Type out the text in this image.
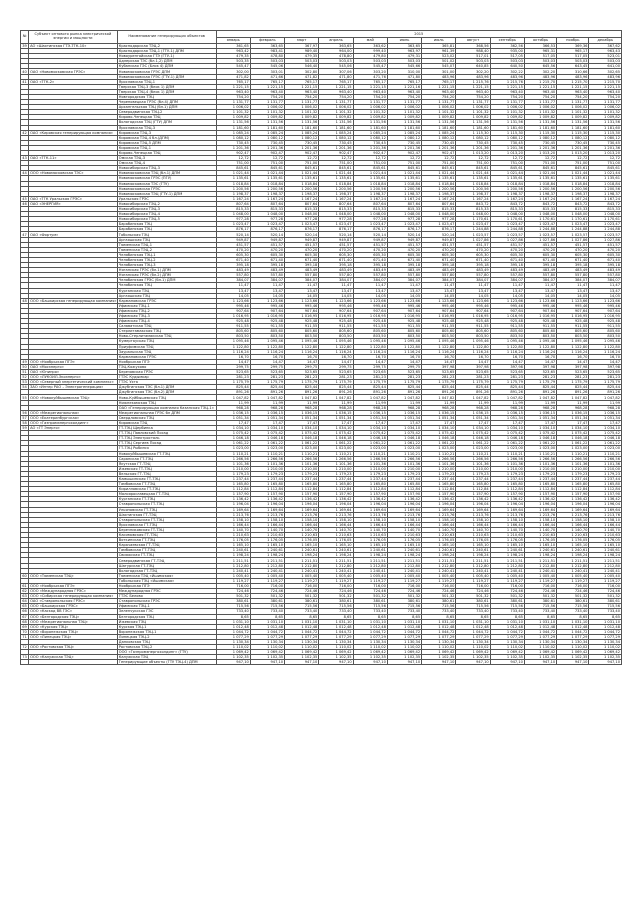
№	Субъект оптового рынка электрической энергии и мощности	Наименование генерирующих объектов	2015											
			январь	февраль	март	апрель	май	июнь	июль	август	сентябрь	октябрь	ноябрь	декабрь
39	АО «Шахтинская ГТЭ-ТГК-10»	Краснодарская ТЭЦ-2	361,65	363,65	367,97	363,65	363,62	363,65	365,81	368,56	362,56	366,53	369,36	367,62
		Краснодарская ТЭЦ-1 (ГТУ-1) ДПМ	963,42	983,41	989,40	964,00	999,40	963,97	961,39	988,40	935,00	965,31	965,17	963,43
		Новоуренгойская ГТЭ (ГТУ-1)	479,35	478,80	479,35	478,80	479,80	479,31	523,02	517,01	517,05	517,05	517,05	523,01
		Адлерская ТЭС (бл.1,2) ДПМ	503,35	503,03	503,03	503,03	503,03	503,03	501,02	503,03	503,03	503,03	503,03	503,03
		Кубанская ГЭС (Блок 4) ДПМ	545,47	545,06	546,40	545,06	545,47	545,66	545,07	640,85	640,50	645,56	643,45	641,00
40	ОАО «Новомосковская ГРЭС»	Новомосковская ГРЭС ДПМ	302,00	303,01	302,80	307,06	303,20	310,00	301,00	302,20	302,22	302,20	310,66	302,65
		Новомосковская ГРЭС (ГТУ-1) ДПМ	471,82	471,66	471,82	471,80	471,76	471,80	483,96	483,96	483,96	483,96	483,96	483,96
41	ОАО «ТГК-2»	Ярославская ТЭЦ-1	765,17	765,17	765,17	765,17	765,17	765,17	765,17	1 215,76	1 215,76	1 215,70	1 215,70	1 215,70
		Тверская ТЭЦ-3 (блок 1) ДПМ	1 221,15	1 221,15	1 221,15	1 221,15	1 221,15	1 221,16	1 221,15	1 221,15	1 221,15	1 221,15	1 221,15	1 221,15
		Тверская ТЭЦ-4 (блок 1) ДПМ	963,40	963,40	963,40	963,40	963,40	963,40	963,40	963,40	963,40	963,40	963,40	963,40
		Новгородская ТЭЦ	754,20	754,20	754,20	754,20	754,20	754,20	754,20	754,20	754,20	754,20	754,20	754,20
		Череповецкая ГРЭС (бл.4) ДПМ	1 131,77	1 131,77	1 131,77	1 131,77	1 131,77	1 131,77	1 131,77	1 131,77	1 131,77	1 131,77	1 131,77	1 131,77
		Архангельская ТЭЦ (бл.1) ДПМ	1 006,02	1 006,02	1 006,02	1 006,02	1 006,02	1 006,02	1 006,02	1 006,02	1 006,02	1 006,02	1 006,02	1 006,02
		Северодвинская ТЭЦ-2	1 101,32	1 101,32	1 101,32	1 101,32	1 101,32	1 101,32	1 101,32	1 101,32	1 101,32	1 101,32	1 101,32	1 101,32
		Кирово-Чепецкая ТЭЦ	1 009,82	1 009,82	1 009,82	1 009,82	1 009,82	1 009,82	1 009,82	1 009,82	1 009,82	1 009,82	1 009,82	1 009,82
		Вологодская ТЭЦ (ГТУ) ДПМ	1 131,56	1 131,56	1 131,56	1 131,56	1 131,56	1 131,56	1 131,56	1 131,56	1 131,56	1 131,56	1 131,56	1 131,56
		Ярославская ТЭЦ-3	1 181,60	1 181,60	1 181,60	1 181,60	1 181,60	1 181,60	1 181,60	1 181,60	1 181,60	1 181,60	1 181,60	1 181,60
42	ОАО «Кировская генерирующая компания»	Кировская ТЭЦ-3	1 085,24	1 085,24	1 085,24	1 085,24	1 085,24	1 085,24	1 085,24	1 115,30	1 115,30	1 115,30	1 115,30	1 115,30
		Кировская ТЭЦ-4 бл.(ДПМ)	1 080,12	1 080,12	1 080,12	1 080,12	1 080,12	1 080,12	1 080,12	1 080,12	1 080,12	1 080,12	1 080,12	1 080,12
		Кировская ТЭЦ-5 ДПМ	730,45	730,45	730,45	730,45	730,45	730,45	730,45	730,45	730,45	730,45	730,45	730,45
		Кировская ТЭЦ-1	1 201,36	1 201,36	1 201,36	1 201,36	1 201,36	1 201,36	1 201,36	1 201,36	1 201,36	1 201,36	1 201,36	1 201,36
		Кирово-Чепецкая ТЭЦ	902,47	902,47	902,47	902,47	902,47	902,47	902,47	1 013,20	1 013,20	1 013,20	1 013,20	1 013,20
43	ОАО «ТГК-11»	Омская ТЭЦ-3	12,72	12,72	12,72	12,72	12,72	12,72	12,72	12,72	12,72	12,72	12,72	12,72
		Омская ТЭЦ-4	751,00	751,00	751,00	751,00	751,00	751,00	751,00	751,00	751,00	751,00	751,00	751,00
		Новосибирская ТЭЦ-3	845,61	845,61	845,61	845,61	845,61	845,61	845,61	845,61	845,61	845,61	845,61	845,61
44	ООО «Новомосковская ТЭС»	Новомосковская ТЭЦ (бл.1) ДПМ	1 021,44	1 021,44	1 021,44	1 021,44	1 021,44	1 021,44	1 021,44	1 021,44	1 021,44	1 021,44	1 021,44	1 021,44
		Новомосковская ГРЭС (ПГУ)	1 135,61	1 135,61	1 135,61	1 135,61	1 135,61	1 135,61	1 135,61	1 135,61	1 135,61	1 135,61	1 135,61	1 135,61
		Новомосковская ТЭС (ГТУ)	1 018,84	1 018,84	1 018,84	1 018,84	1 018,84	1 018,84	1 018,84	1 018,84	1 018,84	1 018,84	1 018,84	1 018,84
		Новомосковская ГРЭС	1 200,56	1 200,56	1 200,56	1 200,56	1 200,56	1 200,56	1 200,56	1 200,56	1 200,56	1 200,56	1 200,56	1 200,56
		Новомосковская ТЭЦ (ГТУ-1) ДПМ	1 198,37	1 198,37	1 198,37	1 198,37	1 198,37	1 198,37	1 198,37	1 198,37	1 198,37	1 198,37	1 198,37	1 198,37
45	ОАО «ТГК Уральская ГРЭС»	Уральская ГРЭС	1 167,24	1 167,24	1 167,24	1 167,24	1 167,24	1 167,24	1 167,24	1 167,24	1 167,24	1 167,24	1 167,24	1 167,24
46	ОАО «ЭНЕРГИЯ»	Новосибирская ТЭЦ-2	807,64	807,64	807,64	807,64	807,64	807,64	807,64	843,72	843,72	843,72	843,72	843,72
		Новосибирская ТЭЦ-3	815,33	815,33	815,33	815,33	815,33	815,33	815,33	815,33	815,33	815,33	815,33	815,33
		Новосибирская ТЭЦ-4	1 048,00	1 048,00	1 048,00	1 048,00	1 048,00	1 048,00	1 048,00	1 048,00	1 048,00	1 048,00	1 048,00	1 048,00
		Новосибирская ТЭЦ-5	977,28	977,28	977,28	977,28	977,28	977,28	977,28	1 170,61	1 170,61	1 170,61	1 170,61	1 170,61
		Барабинская ТЭЦ	1 023,47	1 023,47	1 023,47	1 023,47	1 023,47	1 023,47	1 023,47	1 023,47	1 023,47	1 023,47	1 023,47	1 023,47
		Барабинская ТЭЦ	876,17	876,17	876,17	876,17	876,17	876,17	876,17	1 244,88	1 244,88	1 244,88	1 244,88	1 244,88
47	ОАО «Фортум»	Тобольская ТЭЦ	520,14	520,14	520,14	520,14	520,14	520,14	520,14	1 023,57	1 023,57	1 023,57	1 023,57	1 023,57
		Аргаяшская ТЭЦ	949,87	949,87	949,87	949,87	949,87	949,87	949,87	1 027,86	1 027,86	1 027,86	1 027,86	1 027,86
		Тюменская ТЭЦ-1	451,57	451,57	451,57	451,57	451,57	451,57	451,57	451,57	451,57	451,57	451,57	451,57
		Тюменская ТЭЦ-2	470,20	470,20	470,20	470,20	470,20	470,20	470,20	470,20	470,20	470,20	470,20	470,20
		Челябинская ТЭЦ-1	605,30	605,30	605,30	605,30	605,30	605,30	605,30	605,30	605,30	605,30	605,30	605,30
		Челябинская ТЭЦ-2	671,40	671,40	671,40	671,40	671,40	671,40	671,40	671,40	671,40	671,40	671,40	671,40
		Челябинская ТЭЦ-3	395,18	395,18	395,18	395,18	395,18	395,18	395,18	395,18	395,18	395,18	395,18	395,18
		Няганская ГРЭС (бл.1) ДПМ	483,49	483,49	483,49	483,49	483,49	483,49	483,49	483,49	483,49	483,49	483,49	483,49
		Няганская ГРЭС (бл.2) ДПМ	557,80	557,80	557,80	557,80	557,80	557,80	557,80	557,80	557,80	557,80	557,80	557,80
		Челябинская ГРЭС (бл.1) ДПМ	384,07	384,07	384,07	384,07	384,07	384,07	384,07	384,07	384,07	384,07	384,07	384,07
		Челябинская ТЭЦ	11,47	11,47	11,47	11,47	11,47	11,47	11,47	11,47	11,47	11,47	11,47	11,47
		Курганская ТЭЦ	13,47	13,47	13,47	13,47	13,47	13,47	13,47	13,47	13,47	13,47	13,47	13,47
		Аргаяшская ТЭЦ	14,05	14,05	14,05	14,05	14,05	14,05	14,05	14,05	14,05	14,05	14,05	14,05
48	ООО «Башкирская генерирующая компания»	Кармановская ГРЭС	1 123,66	1 123,66	1 123,66	1 123,66	1 123,66	1 123,66	1 123,66	1 123,66	1 123,66	1 123,66	1 123,66	1 123,66
		Уфимская ТЭЦ-1	995,46	995,46	995,46	995,46	995,46	995,46	995,46	995,46	995,46	995,46	995,46	995,46
		Уфимская ТЭЦ-2	907,64	907,64	907,64	907,64	907,64	907,64	907,64	907,64	907,64	907,64	907,64	907,64
		Уфимская ТЭЦ-3	1 016,95	1 016,95	1 016,95	1 016,95	1 016,95	1 016,95	1 016,95	1 016,95	1 016,95	1 016,95	1 016,95	1 016,95
		Уфимская ТЭЦ-4	925,48	925,48	925,48	925,48	925,48	925,48	925,48	925,48	925,48	925,48	925,48	925,48
		Салаватская ТЭЦ	911,55	911,55	911,55	911,55	911,55	911,55	911,55	911,55	911,55	911,55	911,55	911,55
		Стерлитамакская ТЭЦ	805,60	805,60	805,60	805,60	805,60	805,60	805,60	805,60	805,60	805,60	805,60	805,60
		Ново-Стерлитамакская ТЭЦ	803,50	803,50	803,50	803,50	803,50	803,50	803,50	803,50	803,50	803,50	803,50	803,50
		Кумертауская ТЭЦ	1 095,46	1 095,46	1 095,46	1 095,46	1 095,46	1 095,46	1 095,46	1 095,46	1 095,46	1 095,46	1 095,46	1 095,46
		Приуфимская ТЭЦ	1 122,80	1 122,80	1 122,80	1 122,80	1 122,80	1 122,80	1 122,80	1 122,80	1 122,80	1 122,80	1 122,80	1 122,80
		Зауральская ТЭЦ	1 116,24	1 116,24	1 116,24	1 116,24	1 116,24	1 116,24	1 116,24	1 116,24	1 116,24	1 116,24	1 116,24	1 116,24
		Кармановская ГРЭС	16,70	16,70	16,70	16,70	16,70	16,70	16,70	16,70	16,70	16,70	16,70	16,70
49	ООО «Ноябрьская ПГЭ»	Ноябрьская ПГЭ	14,47	14,47	14,47	14,47	14,47	14,47	14,47	14,47	14,47	14,47	14,47	14,47
50	ОАО «Мосэнерго»	ТЭЦ-Кожухово	299,75	299,75	299,75	299,75	299,75	299,75	397,98	397,98	397,98	397,98	397,98	397,98
51	ОАО «Юнипро»	Березовская ГРЭС	523,65	523,65	523,65	523,65	523,65	523,65	523,65	523,65	523,65	523,65	523,65	523,65
52	ООО «ЛУКОЙЛ-Экоэнерго»	ГТЭС Кудымкар	281,23	281,23	281,23	281,23	281,23	281,23	281,23	281,23	281,23	281,23	281,23	281,23
53	ООО «Северный энергетический комплекс»	ГТЭС Ухта	1 175,79	1 175,79	1 175,79	1 175,79	1 175,79	1 175,79	1 175,79	1 175,79	1 175,79	1 175,79	1 175,79	1 175,79
54	ЗАО «Интер РАО – Электрогенерация»	Джубгинская ТЭС (бл.1) ДПМ	825,44	825,44	825,44	825,44	825,44	825,44	825,44	825,44	825,44	825,44	825,44	825,44
		Джубгинская ТЭС (бл.2) ДПМ	891,26	891,26	891,26	891,26	891,26	891,26	891,26	891,26	891,26	891,26	891,26	891,26
55	ООО «Новокуйбышевская ТЭЦ»	Ново-Куйбышевская ТЭЦ	1 047,82	1 047,82	1 047,82	1 047,82	1 047,82	1 047,82	1 047,82	1 047,82	1 047,82	1 047,82	1 047,82	1 047,82
		Нижнекамская ТЭЦ	11,99	11,99	11,99	11,99	11,99	11,99	11,99	11,99	11,99	11,99	11,99	11,99
		ОАО «Генерирующая компания Казанская ТЭЦ-1»	968,28	968,28	968,28	968,28	968,28	968,28	968,28	968,28	968,28	968,28	968,28	968,28
56	ООО «Межрегиональная»	Межрегиональная ГРЭС бл ДПМ	1 036,15	1 036,15	1 036,15	1 036,15	1 036,15	1 036,15	1 036,15	1 036,15	1 036,15	1 036,15	1 036,15	1 036,15
57	ООО «Екатеринбургская»	Свердловская ТЭЦ	1 051,34	1 051,34	1 051,34	1 051,34	1 051,34	1 051,34	1 051,34	1 051,34	1 051,34	1 051,34	1 051,34	1 051,34
58	ООО «Газпромэнергохолдинг»	Кировская ТЭЦ	17,47	17,47	17,47	17,47	17,47	17,47	17,47	17,47	17,47	17,47	17,47	17,47
59	АО «ГТ Энерго»	ГТ-ТЭЦ Щербинка	1 034,10	1 034,10	1 034,10	1 034,10	1 034,10	1 034,10	1 034,10	1 034,10	1 034,10	1 034,10	1 034,10	1 034,10
		ГТ-ТЭЦ Павловский Посад	1 075,42	1 075,42	1 075,42	1 075,42	1 075,42	1 075,42	1 075,42	1 075,42	1 075,42	1 075,42	1 075,42	1 075,42
		ГТ-ТЭЦ Электросталь	1 046,18	1 046,18	1 046,18	1 046,18	1 046,18	1 046,18	1 046,18	1 046,18	1 046,18	1 046,18	1 046,18	1 046,18
		ГТ-ТЭЦ Сергиев Посад	1 061,22	1 061,22	1 061,22	1 061,22	1 061,22	1 061,22	1 061,22	1 061,22	1 061,22	1 061,22	1 061,22	1 061,22
		ГТ-ТЭЦ Рыбинск	1 023,00	1 023,00	1 023,00	1 023,00	1 023,00	1 023,00	1 023,00	1 023,00	1 023,00	1 023,00	1 023,00	1 023,00
		Новокуйбышевская ГТ-ТЭЦ	1 110,21	1 110,21	1 110,21	1 110,21	1 110,21	1 110,21	1 110,21	1 110,21	1 110,21	1 110,21	1 110,21	1 110,21
		Саранская ГТ-ТЭЦ	1 266,56	1 266,56	1 266,56	1 266,56	1 266,56	1 266,56	1 266,56	1 266,56	1 266,56	1 266,56	1 266,56	1 266,56
		Якутская ГТ-ТЭЦ	1 101,36	1 101,36	1 101,36	1 101,36	1 101,36	1 101,36	1 101,36	1 101,36	1 101,36	1 101,36	1 101,36	1 101,36
		Ижевская ГТ-ТЭЦ	1 210,00	1 210,00	1 210,00	1 210,00	1 210,00	1 210,00	1 210,00	1 210,00	1 210,00	1 210,00	1 210,00	1 210,00
		Вельская ГТ-ТЭЦ	1 179,23	1 179,23	1 179,23	1 179,23	1 179,23	1 179,23	1 179,23	1 179,23	1 179,23	1 179,23	1 179,23	1 179,23
		Камышинская ГТ-ТЭЦ	1 237,44	1 237,44	1 237,44	1 237,44	1 237,44	1 237,44	1 237,44	1 237,44	1 237,44	1 237,44	1 237,44	1 237,44
		Тамбовская ГТ-ТЭЦ	1 165,80	1 165,80	1 165,80	1 165,80	1 165,80	1 165,80	1 165,80	1 165,80	1 165,80	1 165,80	1 165,80	1 165,80
		Кирилловская ГТ-ТЭЦ	1 112,84	1 112,84	1 112,84	1 112,84	1 112,84	1 112,84	1 112,84	1 112,84	1 112,84	1 112,84	1 112,84	1 112,84
		Малоярославецкая ГТ-ТЭЦ	1 157,90	1 157,90	1 157,90	1 157,90	1 157,90	1 157,90	1 157,90	1 157,90	1 157,90	1 157,90	1 157,90	1 157,90
		Курганская ГТ-ТЭЦ	1 136,42	1 136,42	1 136,42	1 136,42	1 136,42	1 136,42	1 136,42	1 136,42	1 136,42	1 136,42	1 136,42	1 136,42
		Ставропольская ГТ-ТЭЦ	1 196,04	1 196,04	1 196,04	1 196,04	1 196,04	1 196,04	1 196,04	1 196,04	1 196,04	1 196,04	1 196,04	1 196,04
		Ульяновская ГТ-ТЭЦ	1 169,64	1 169,64	1 169,64	1 169,64	1 169,64	1 169,64	1 169,64	1 169,64	1 169,64	1 169,64	1 169,64	1 169,64
		Шахтинская ГТ-ТЭЦ	1 213,76	1 213,76	1 213,76	1 213,76	1 213,76	1 213,76	1 213,76	1 213,76	1 213,76	1 213,76	1 213,76	1 213,76
		Ставропольская ГТ-ТЭЦ	1 158,10	1 158,10	1 158,10	1 158,10	1 158,10	1 158,10	1 158,10	1 158,10	1 158,10	1 158,10	1 158,10	1 158,10
		Ярославская ГТ-ТЭЦ	1 166,44	1 166,44	1 166,44	1 166,44	1 166,44	1 166,44	1 166,44	1 166,44	1 166,44	1 166,44	1 166,44	1 166,44
		Березниковская ГТ-ТЭЦ	1 140,70	1 140,70	1 140,70	1 140,70	1 140,70	1 140,70	1 140,70	1 140,70	1 140,70	1 140,70	1 140,70	1 140,70
		Касимовская ГТ-ТЭЦ	1 210,63	1 210,63	1 210,63	1 210,63	1 210,63	1 210,63	1 210,63	1 210,63	1 210,63	1 210,63	1 210,63	1 210,63
		Воткинская ГТ-ТЭЦ	1 176,05	1 176,05	1 176,05	1 176,05	1 176,05	1 176,05	1 176,05	1 176,05	1 176,05	1 176,05	1 176,05	1 176,05
		Карачаевская ГТ-ТЭЦ	1 165,10	1 165,10	1 165,10	1 165,10	1 165,10	1 165,10	1 165,10	1 165,10	1 165,10	1 165,10	1 165,10	1 165,10
		Тамбовская ГТ-ТЭЦ	1 240,61	1 240,61	1 240,61	1 240,61	1 240,61	1 240,61	1 240,61	1 240,61	1 240,61	1 240,61	1 240,61	1 240,61
		Свияжская ГТ-ТЭЦ	1 198,24	1 198,24	1 198,24	1 198,24	1 198,24	1 198,24	1 198,24	1 198,24	1 198,24	1 198,24	1 198,24	1 198,24
		Северодвинская ГТ-ТЭЦ	1 211,51	1 211,51	1 211,51	1 211,51	1 211,51	1 211,51	1 211,51	1 211,51	1 211,51	1 211,51	1 211,51	1 211,51
		Шатурская ГТ-ТЭЦ	1 212,80	1 212,80	1 212,80	1 212,80	1 212,80	1 212,80	1 212,80	1 212,80	1 212,80	1 212,80	1 212,80	1 212,80
		Вологодская ГТ-ТЭЦ	1 240,41	1 240,41	1 240,41	1 240,41	1 240,41	1 240,41	1 240,41	1 240,41	1 240,41	1 240,41	1 240,41	1 240,41
60	ООО «Тюменская ТЭЦ»	Тюменская ТЭЦ «Ишимская»	1 005,40	1 005,40	1 005,40	1 005,40	1 005,40	1 005,40	1 005,40	1 005,40	1 005,40	1 005,40	1 005,40	1 005,40
		Тобольская ТЭЦ «Ишимская»	1 119,27	1 119,27	1 119,27	1 119,27	1 119,27	1 119,27	1 119,27	1 119,27	1 119,27	1 119,27	1 119,27	1 119,27
61	ООО «Ноябрьская ПГЭ»	Ноябрьская ПГЭ	716,00	716,00	716,00	716,00	716,00	716,00	716,00	716,00	716,00	716,00	716,00	716,00
62	ООО «Международная ГРЭС»	Международная ГРЭС	724,46	724,46	724,46	724,46	724,46	724,46	724,46	724,46	724,46	724,46	724,46	724,46
63	ООО «Сибирская генерирующая компания»	ГТЭС Белово	501,32	501,32	501,32	501,32	501,32	501,32	501,32	501,32	501,32	501,32	501,32	501,32
64	ОАО «Ставропольская ГРЭС»	Ставропольская ГРЭС	380,61	380,61	380,61	380,61	380,61	380,61	380,61	380,61	380,61	380,61	380,61	380,61
65	ООО «Башкирская ГРЭС»	Уфимская ТЭЦ-1	715,56	715,56	715,56	715,56	715,56	715,56	715,56	715,56	715,56	715,56	715,56	715,56
66	ООО «Каскад ВВ ГЭС»	Зеленчукская ГЭС	733,40	733,40	733,40	733,40	733,40	733,40	733,40	733,40	733,40	733,40	733,40	733,40
67	ООО «Белгородская ТЭЦ»	Белгородская ТЭЦ	8,65	8,65	8,65	8,65	8,65	8,65	8,65	8,65	8,65	8,65	8,65	8,65
68	ООО «Межрегиональная ТЭЦ»	Ижевская ТЭЦ	1 031,10	1 031,10	1 031,10	1 031,10	1 031,10	1 031,10	1 031,10	1 031,10	1 031,10	1 031,10	1 031,10	1 031,10
69	ООО «Курская ТЭЦ»	Курская ТЭЦ-1	1 012,48	1 012,48	1 012,48	1 012,48	1 012,48	1 012,48	1 012,48	1 012,48	1 012,48	1 012,48	1 012,48	1 012,48
70	ООО «Воронежская ТЭЦ»	Воронежская ТЭЦ-1	1 044,72	1 044,72	1 044,72	1 044,72	1 044,72	1 044,72	1 044,72	1 044,72	1 044,72	1 044,72	1 044,72	1 044,72
71	ООО «Липецкая ТЭЦ»	Липецкая ТЭЦ-2	1 077,29	1 077,29	1 077,29	1 077,29	1 077,29	1 077,29	1 077,29	1 077,29	1 077,29	1 077,29	1 077,29	1 077,29
		Данковская ТЭЦ	1 130,34	1 130,34	1 130,34	1 130,34	1 130,34	1 130,34	1 130,34	1 130,34	1 130,34	1 130,34	1 130,34	1 130,34
72	ООО «Ростовская ТЭЦ»	Ростовская ТЭЦ-2	1 110,02	1 110,02	1 110,02	1 110,02	1 110,02	1 110,02	1 110,02	1 110,02	1 110,02	1 110,02	1 110,02	1 110,02
		ООО «Газпромэнергохолдинг» (ГТУ)	1 069,42	1 069,42	1 069,42	1 069,42	1 069,42	1 069,42	1 069,42	1 069,42	1 069,42	1 069,42	1 069,42	1 069,42
73	ООО «Калужская ТЭЦ»	Калужская ТЭЦ	1 102,35	1 102,35	1 102,35	1 102,35	1 102,35	1 102,35	1 102,35	1 102,35	1 102,35	1 102,35	1 102,35	1 102,35
		Генерирующие объекты (ГТУ ТЭЦ-4) ДПМ	947,10	947,10	947,10	947,10	947,10	947,10	947,10	947,10	947,10	947,10	947,10	947,10
